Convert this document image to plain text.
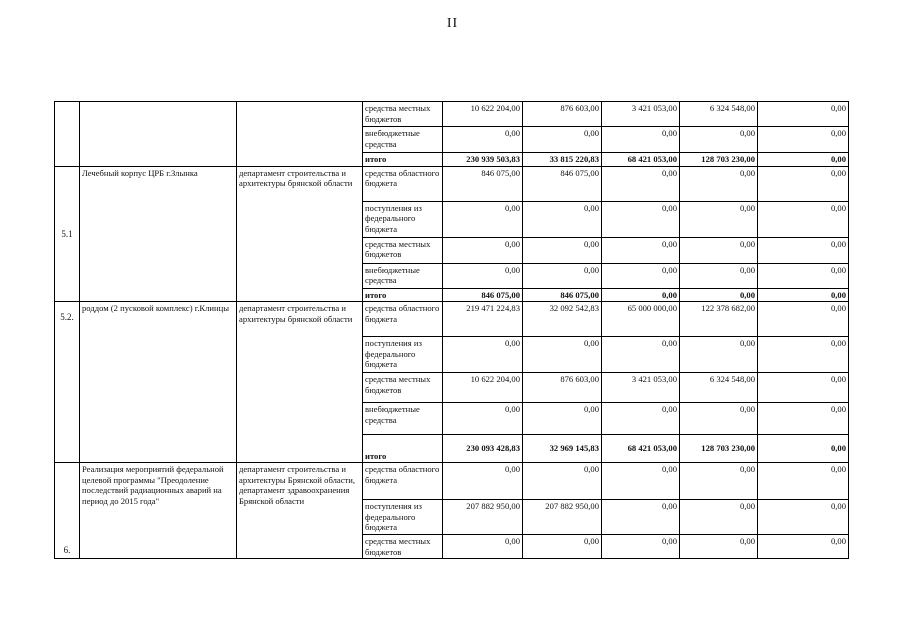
II
			средства местных бюджетов	10 622 204,00	876 603,00	3 421 053,00	6 324 548,00	0,00
			внебюджетные средства	0,00	0,00	0,00	0,00	0,00
			итого	230 939 503,83	33 815 220,83	68 421 053,00	128 703 230,00	0,00
5.1	Лечебный корпус ЦРБ г.Злынка	департамент строительства и архитектуры брянской области	средства областного бюджета	846 075,00	846 075,00	0,00	0,00	0,00
			поступления из федерального бюджета	0,00	0,00	0,00	0,00	0,00
			средства местных бюджетов	0,00	0,00	0,00	0,00	0,00
			внебюджетные средства	0,00	0,00	0,00	0,00	0,00
			итого	846 075,00	846 075,00	0,00	0,00	0,00
5.2.	роддом (2 пусковой комплекс) г.Клинцы	департамент строительства и архитектуры брянской области	средства областного бюджета	219 471 224,83	32 092 542,83	65 000 000,00	122 378 682,00	0,00
			поступления из федерального бюджета	0,00	0,00	0,00	0,00	0,00
			средства местных бюджетов	10 622 204,00	876 603,00	3 421 053,00	6 324 548,00	0,00
			внебюджетные средства	0,00	0,00	0,00	0,00	0,00
			итого	230 093 428,83	32 969 145,83	68 421 053,00	128 703 230,00	0,00
6.	Реализация мероприятий федеральной целевой программы "Преодоление последствий радиационных аварий на период до 2015 года"	департамент строительства и архитектуры Брянской области, департамент здравоохранения Брянской области	средства областного бюджета	0,00	0,00	0,00	0,00	0,00
			поступления из федерального бюджета	207 882 950,00	207 882 950,00	0,00	0,00	0,00
			средства местных бюджетов	0,00	0,00	0,00	0,00	0,00
